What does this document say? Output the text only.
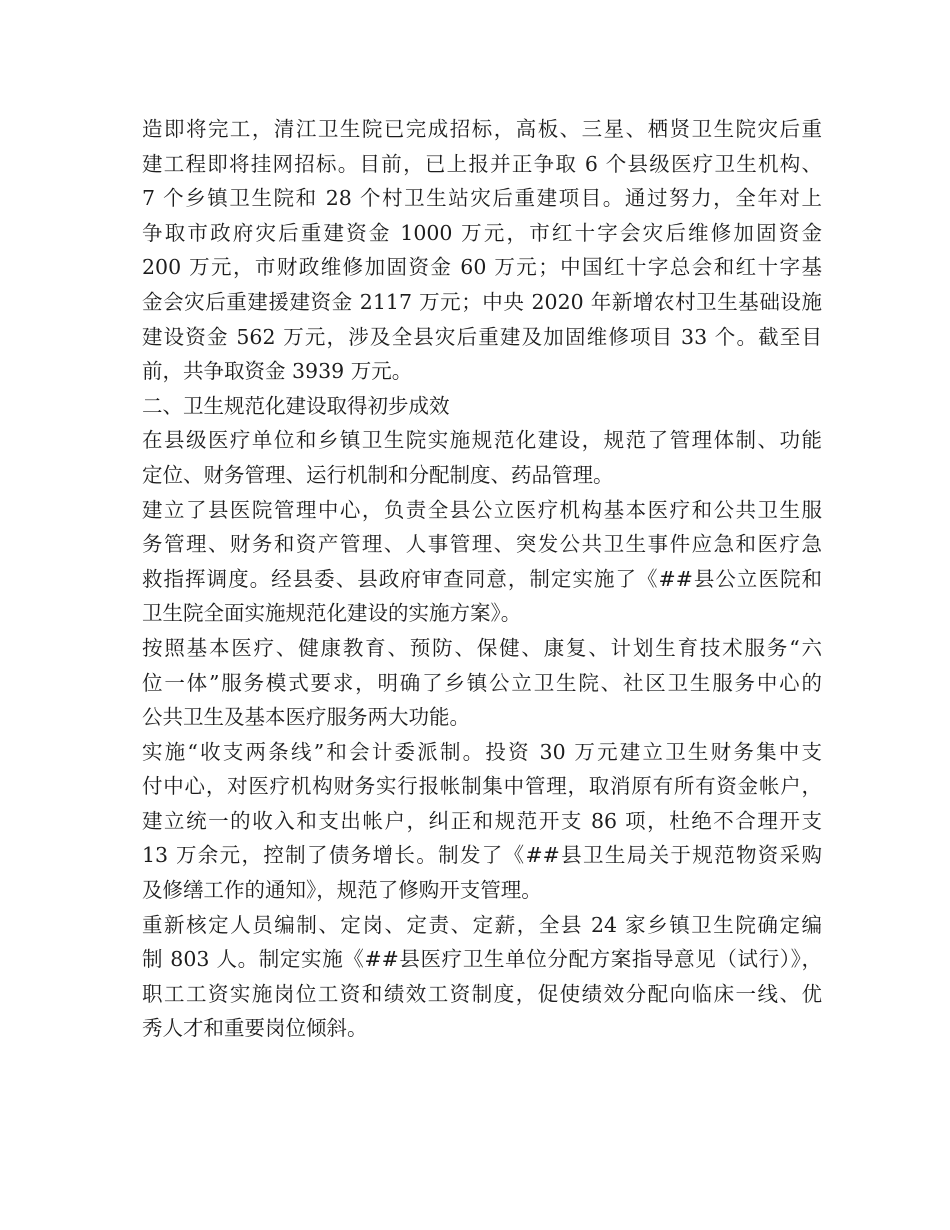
造即将完工，清江卫生院已完成招标，高板、三星、栖贤卫生院灾后重
建工程即将挂网招标。目前，已上报并正争取 6 个县级医疗卫生机构、
7 个乡镇卫生院和 28 个村卫生站灾后重建项目。通过努力，全年对上
争取市政府灾后重建资金 1000 万元，市红十字会灾后维修加固资金
200 万元，市财政维修加固资金 60 万元；中国红十字总会和红十字基
金会灾后重建援建资金 2117 万元；中央 2020 年新增农村卫生基础设施
建设资金 562 万元，涉及全县灾后重建及加固维修项目 33 个。截至目
前，共争取资金 3939 万元。
二、卫生规范化建设取得初步成效
在县级医疗单位和乡镇卫生院实施规范化建设，规范了管理体制、功能
定位、财务管理、运行机制和分配制度、药品管理。
建立了县医院管理中心，负责全县公立医疗机构基本医疗和公共卫生服
务管理、财务和资产管理、人事管理、突发公共卫生事件应急和医疗急
救指挥调度。经县委、县政府审查同意，制定实施了《##县公立医院和
卫生院全面实施规范化建设的实施方案》。
按照基本医疗、健康教育、预防、保健、康复、计划生育技术服务“六
位一体”服务模式要求，明确了乡镇公立卫生院、社区卫生服务中心的
公共卫生及基本医疗服务两大功能。
实施“收支两条线”和会计委派制。投资 30 万元建立卫生财务集中支
付中心，对医疗机构财务实行报帐制集中管理，取消原有所有资金帐户，
建立统一的收入和支出帐户，纠正和规范开支 86 项，杜绝不合理开支
13 万余元，控制了债务增长。制发了《##县卫生局关于规范物资采购
及修缮工作的通知》，规范了修购开支管理。
重新核定人员编制、定岗、定责、定薪，全县 24 家乡镇卫生院确定编
制 803 人。制定实施《##县医疗卫生单位分配方案指导意见（试行）》，
职工工资实施岗位工资和绩效工资制度，促使绩效分配向临床一线、优
秀人才和重要岗位倾斜。
